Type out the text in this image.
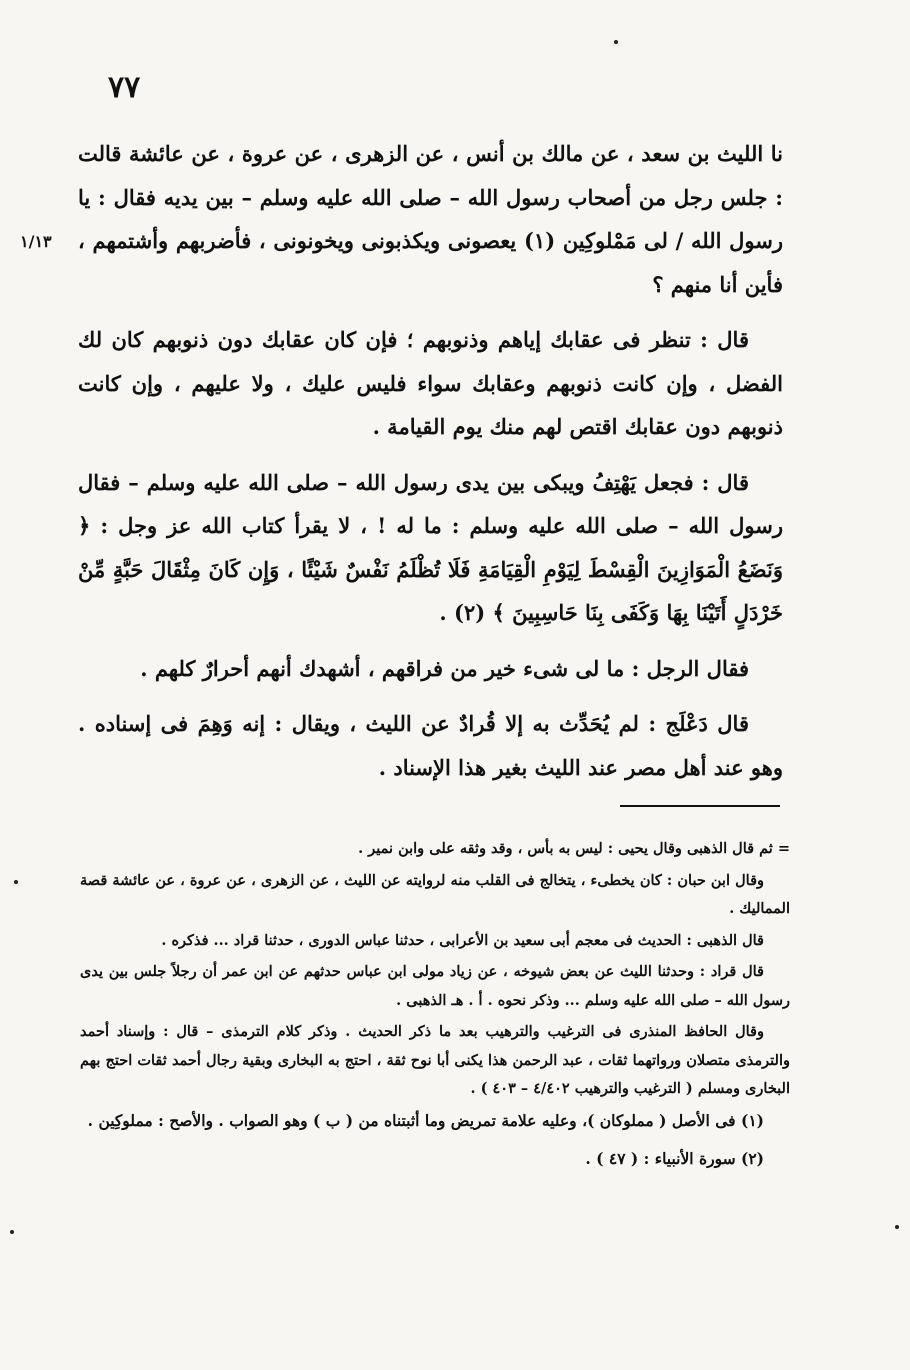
٧٧
١/١٣

نا الليث بن سعد ، عن مالك بن أنس ، عن الزهرى ، عن عروة ، عن عائشة قالت : جلس رجل من أصحاب رسول الله – صلى الله عليه وسلم – بين يديه فقال : يا رسول الله / لى مَمْلوكِين (١) يعصونى ويكذبونى ويخونونى ، فأضربهم وأشتمهم ، فأين أنا منهم ؟

قال : تنظر فى عقابك إياهم وذنوبهم ؛ فإن كان عقابك دون ذنوبهم كان لك الفضل ، وإن كانت ذنوبهم وعقابك سواء فليس عليك ، ولا عليهم ، وإن كانت ذنوبهم دون عقابك اقتص لهم منك يوم القيامة .

قال : فجعل يَهْتِفُ ويبكى بين يدى رسول الله – صلى الله عليه وسلم – فقال رسول الله – صلى الله عليه وسلم : ما له ! ، لا يقرأ كتاب الله عز وجل : ﴿ وَنَضَعُ الْمَوَازِينَ الْقِسْطَ لِيَوْمِ الْقِيَامَةِ فَلَا تُظْلَمُ نَفْسٌ شَيْئًا ، وَإِن كَانَ مِثْقَالَ حَبَّةٍ مِّنْ خَرْدَلٍ أَتَيْنَا بِهَا وَكَفَى بِنَا حَاسِبِينَ ﴾ (٢) .

فقال الرجل : ما لى شىء خير من فراقهم ، أشهدك أنهم أحرارٌ كلهم .

قال دَعْلَج : لم يُحَدِّث به إلا قُرادٌ عن الليث ، ويقال : إنه وَهِمَ فى إسناده . وهو عند أهل مصر عند الليث بغير هذا الإسناد .

= ثم قال الذهبى وقال يحيى : ليس به بأس ، وقد وثقه على وابن نمير .

وقال ابن حبان : كان يخطىء ، يتخالج فى القلب منه لروايته عن الليث ، عن الزهرى ، عن عروة ، عن عائشة قصة المماليك .

قال الذهبى : الحديث فى معجم أبى سعيد بن الأعرابى ، حدثنا عباس الدورى ، حدثنا قراد ... فذكره .

قال قراد : وحدثنا الليث عن بعض شيوخه ، عن زياد مولى ابن عباس حدثهم عن ابن عمر أن رجلاً جلس بين يدى رسول الله – صلى الله عليه وسلم ... وذكر نحوه . أ . هـ الذهبى .

وقال الحافظ المنذرى فى الترغيب والترهيب بعد ما ذكر الحديث . وذكر كلام الترمذى – قال : وإسناد أحمد والترمذى متصلان ورواتهما ثقات ، عبد الرحمن هذا يكنى أبا نوح ثقة ، احتج به البخارى وبقية رجال أحمد ثقات احتج بهم البخارى ومسلم ( الترغيب والترهيب ٤/٤٠٢ – ٤٠٣ ) .

(١) فى الأصل ( مملوكان )، وعليه علامة تمريض وما أثبتناه من ( ب ) وهو الصواب . والأصح : مملوكِين .

(٢) سورة الأنبياء : ( ٤٧ ) .
